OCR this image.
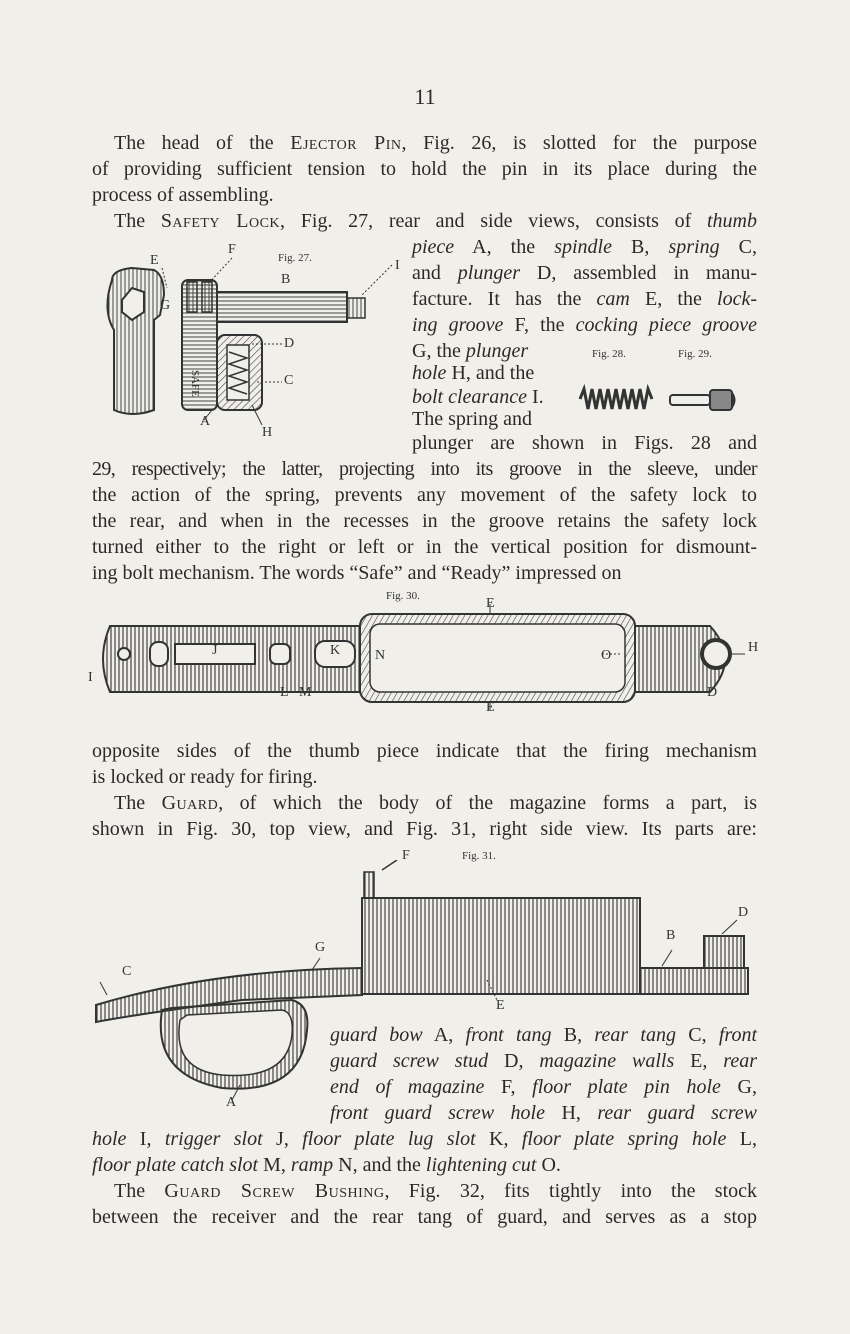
11

The head of the Ejector Pin, Fig. 26, is slotted for the purpose

of providing sufficient tension to hold the pin in its place during the

process of assembling.

The Safety Lock, Fig. 27, rear and side views, consists of thumb

piece A, the spindle B, spring C,

and plunger D, assembled in manu-

facture. It has the cam E, the lock-

ing groove F, the cocking piece groove

G, the plunger

hole H, and the

bolt clearance I.

The spring and

plunger are shown in Figs. 28 and

29, respectively; the latter, projecting into its groove in the sleeve, under

the action of the spring, prevents any movement of the safety lock to

the rear, and when in the recesses in the groove retains the safety lock

turned either to the right or left or in the vertical position for dismount-

ing bolt mechanism. The words “Safe” and “Ready” impressed on

Fig. 27.
SAFE
E
F
B
I
G
D
C
A
H
Fig. 28.	Fig. 29.
Fig. 30.	E
E
J	K N	O
H
I
L M	D

opposite sides of the thumb piece indicate that the firing mechanism

is locked or ready for firing.

The Guard, of which the body of the magazine forms a part, is

shown in Fig. 30, top view, and Fig. 31, right side view. Its parts are:

Fig. 31.
F
D
G
B
C
E
A

guard bow A, front tang B, rear tang C, front

guard screw stud D, magazine walls E, rear

end of magazine F, floor plate pin hole G,

front guard screw hole H, rear guard screw

hole I, trigger slot J, floor plate lug slot K, floor plate spring hole L,

floor plate catch slot M, ramp N, and the lightening cut O.

The Guard Screw Bushing, Fig. 32, fits tightly into the stock

between the receiver and the rear tang of guard, and serves as a stop
